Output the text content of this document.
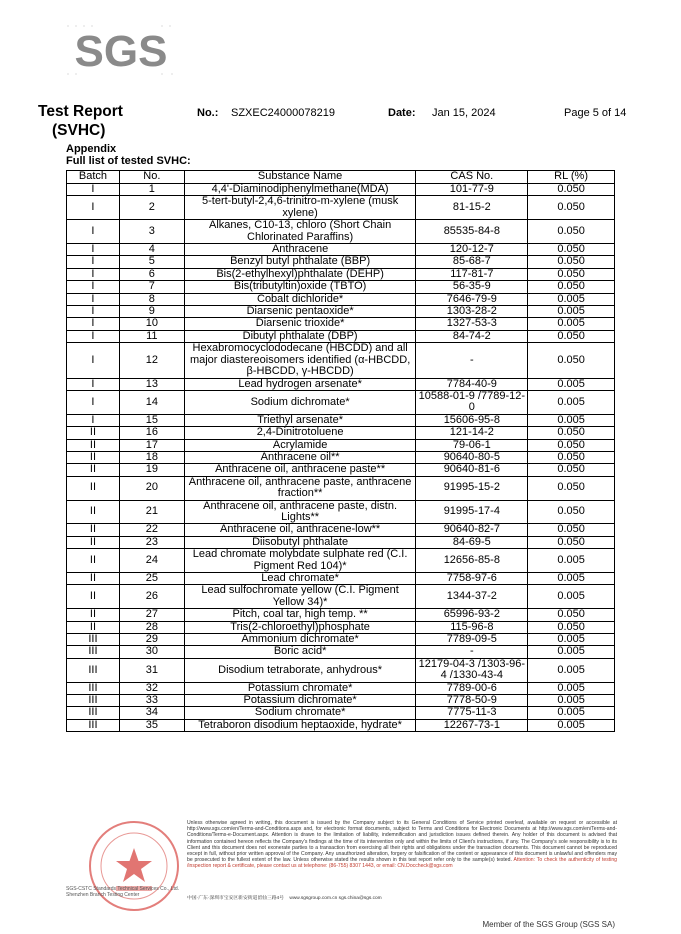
SGS
Test Report
(SVHC)
No.: SZXEC24000078219	Date: Jan 15, 2024	Page 5 of 14
Appendix
Full list of tested SVHC:
Batch	No.	Substance Name	CAS No.	RL (%)
I	1	4,4'-Diaminodiphenylmethane(MDA)	101-77-9	0.050
I	2	5-tert-butyl-2,4,6-trinitro-m-xylene (musk xylene)	81-15-2	0.050
I	3	Alkanes, C10-13, chloro (Short Chain Chlorinated Paraffins)	85535-84-8	0.050
I	4	Anthracene	120-12-7	0.050
I	5	Benzyl butyl phthalate (BBP)	85-68-7	0.050
I	6	Bis(2-ethylhexyl)phthalate (DEHP)	117-81-7	0.050
I	7	Bis(tributyltin)oxide (TBTO)	56-35-9	0.050
I	8	Cobalt dichloride*	7646-79-9	0.005
I	9	Diarsenic pentaoxide*	1303-28-2	0.005
I	10	Diarsenic trioxide*	1327-53-3	0.005
I	11	Dibutyl phthalate (DBP)	84-74-2	0.050
I	12	Hexabromocyclododecane (HBCDD) and all major diastereoisomers identified (α-HBCDD, β-HBCDD, γ-HBCDD)	-	0.050
I	13	Lead hydrogen arsenate*	7784-40-9	0.005
I	14	Sodium dichromate*	10588-01-9 /7789-12-0	0.005
I	15	Triethyl arsenate*	15606-95-8	0.005
II	16	2,4-Dinitrotoluene	121-14-2	0.050
II	17	Acrylamide	79-06-1	0.050
II	18	Anthracene oil**	90640-80-5	0.050
II	19	Anthracene oil, anthracene paste**	90640-81-6	0.050
II	20	Anthracene oil, anthracene paste, anthracene fraction**	91995-15-2	0.050
II	21	Anthracene oil, anthracene paste, distn. Lights**	91995-17-4	0.050
II	22	Anthracene oil, anthracene-low**	90640-82-7	0.050
II	23	Diisobutyl phthalate	84-69-5	0.050
II	24	Lead chromate molybdate sulphate red (C.I. Pigment Red 104)*	12656-85-8	0.005
II	25	Lead chromate*	7758-97-6	0.005
II	26	Lead sulfochromate yellow (C.I. Pigment Yellow 34)*	1344-37-2	0.005
II	27	Pitch, coal tar, high temp. **	65996-93-2	0.050
II	28	Tris(2-chloroethyl)phosphate	115-96-8	0.050
III	29	Ammonium dichromate*	7789-09-5	0.005
III	30	Boric acid*	-	0.005
III	31	Disodium tetraborate, anhydrous*	12179-04-3 /1303-96-4 /1330-43-4	0.005
III	32	Potassium chromate*	7789-00-6	0.005
III	33	Potassium dichromate*	7778-50-9	0.005
III	34	Sodium chromate*	7775-11-3	0.005
III	35	Tetraboron disodium heptaoxide, hydrate*	12267-73-1	0.005
Unless otherwise agreed in writing, this document is issued by the Company subject to its General Conditions of Service printed overleaf, available on request or accessible at http://www.sgs.com/en/Terms-and-Conditions.aspx and, for electronic format documents, subject to Terms and Conditions for Electronic Documents at http://www.sgs.com/en/Terms-and-Conditions/Terms-e-Document.aspx. Attention is drawn to the limitation of liability, indemnification and jurisdiction issues defined therein. Any holder of this document is advised that information contained hereon reflects the Company's findings at the time of its intervention only and within the limits of Client's instructions, if any. The Company's sole responsibility is to its Client and this document does not exonerate parties to a transaction from exercising all their rights and obligations under the transaction documents. This document cannot be reproduced except in full, without prior written approval of the Company. Any unauthorized alteration, forgery or falsification of the content or appearance of this document is unlawful and offenders may be prosecuted to the fullest extent of the law. Unless otherwise stated the results shown in this test report refer only to the sample(s) tested. Attention: To check the authenticity of testing /inspection report & certificate, please contact us at telephone: (86-755) 8307 1443, or email: CN.Doccheck@sgs.com
SGS-CSTC Standards Technical Services Co., Ltd. Shenzhen Branch Testing Center
中国·广东·深圳市宝安区新安街道留仙三路4号 www.sgsgroup.com.cn sgs.china@sgs.com
Member of the SGS Group (SGS SA)
